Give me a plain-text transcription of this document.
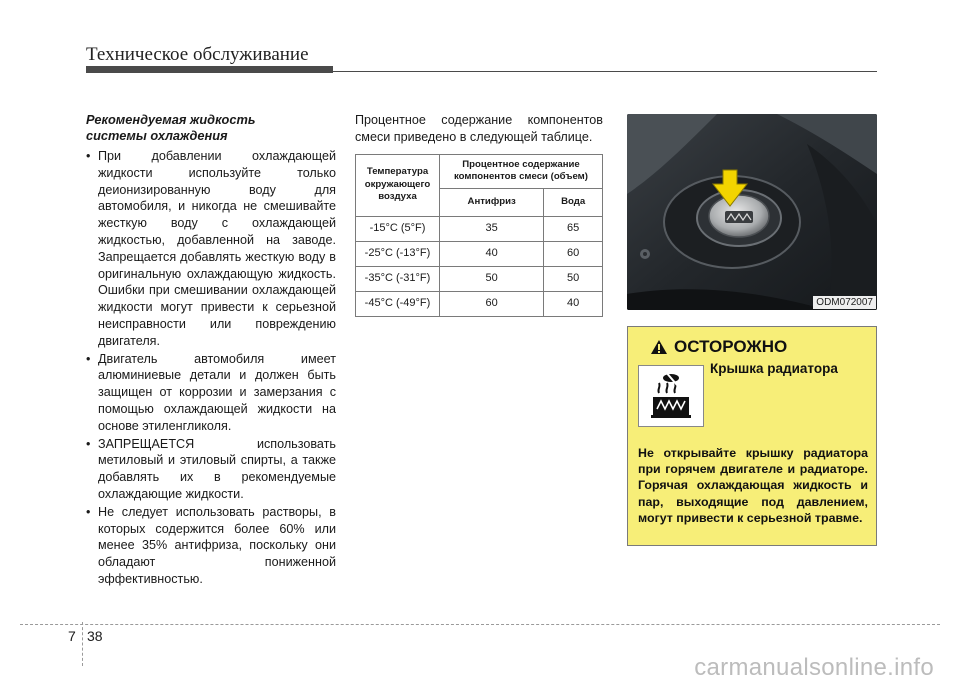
Техническое обслуживание
Рекомендуемая жидкость
системы охлаждения
• При добавлении охлаждающей жидкости используйте только деионизированную воду для автомобиля, и никогда не смешивайте жесткую воду с охлаждающей жидкостью, добавленной на заводе. Запрещается добавлять жесткую воду в оригинальную охлаждающую жидкость. Ошибки при смешивании охлаждающей жидкости могут привести к серьезной неисправности или повреждению двигателя.
• Двигатель автомобиля имеет алюминиевые детали и должен быть защищен от коррозии и замерзания с помощью охлаждающей жидкости на основе этиленгликоля.
• ЗАПРЕЩАЕТСЯ использовать метиловый и этиловый спирты, а также добавлять их в рекомендуемые охлаждающие жидкости.
• Не следует использовать растворы, в которых содержится более 60% или менее 35% антифриза, поскольку они обладают пониженной эффективностью.

Процентное содержание компонентов смеси приведено в следующей таблице.

Температура окружающего воздуха	Процентное содержание компонентов смеси (объем)	
	Антифриз	Вода
-15°C (5°F)	35	65
-25°C (-13°F)	40	60
-35°C (-31°F)	50	50
-45°C (-49°F)	60	40	ODM072007
ОСТОРОЖНО
Крышка радиатора

Не открывайте крышку радиатора при горячем двигателе и радиаторе. Горячая охлаждающая жидкость и пар, выходящие под давлением, могут привести к серьезной травме.

7 38
carmanualsonline.info
